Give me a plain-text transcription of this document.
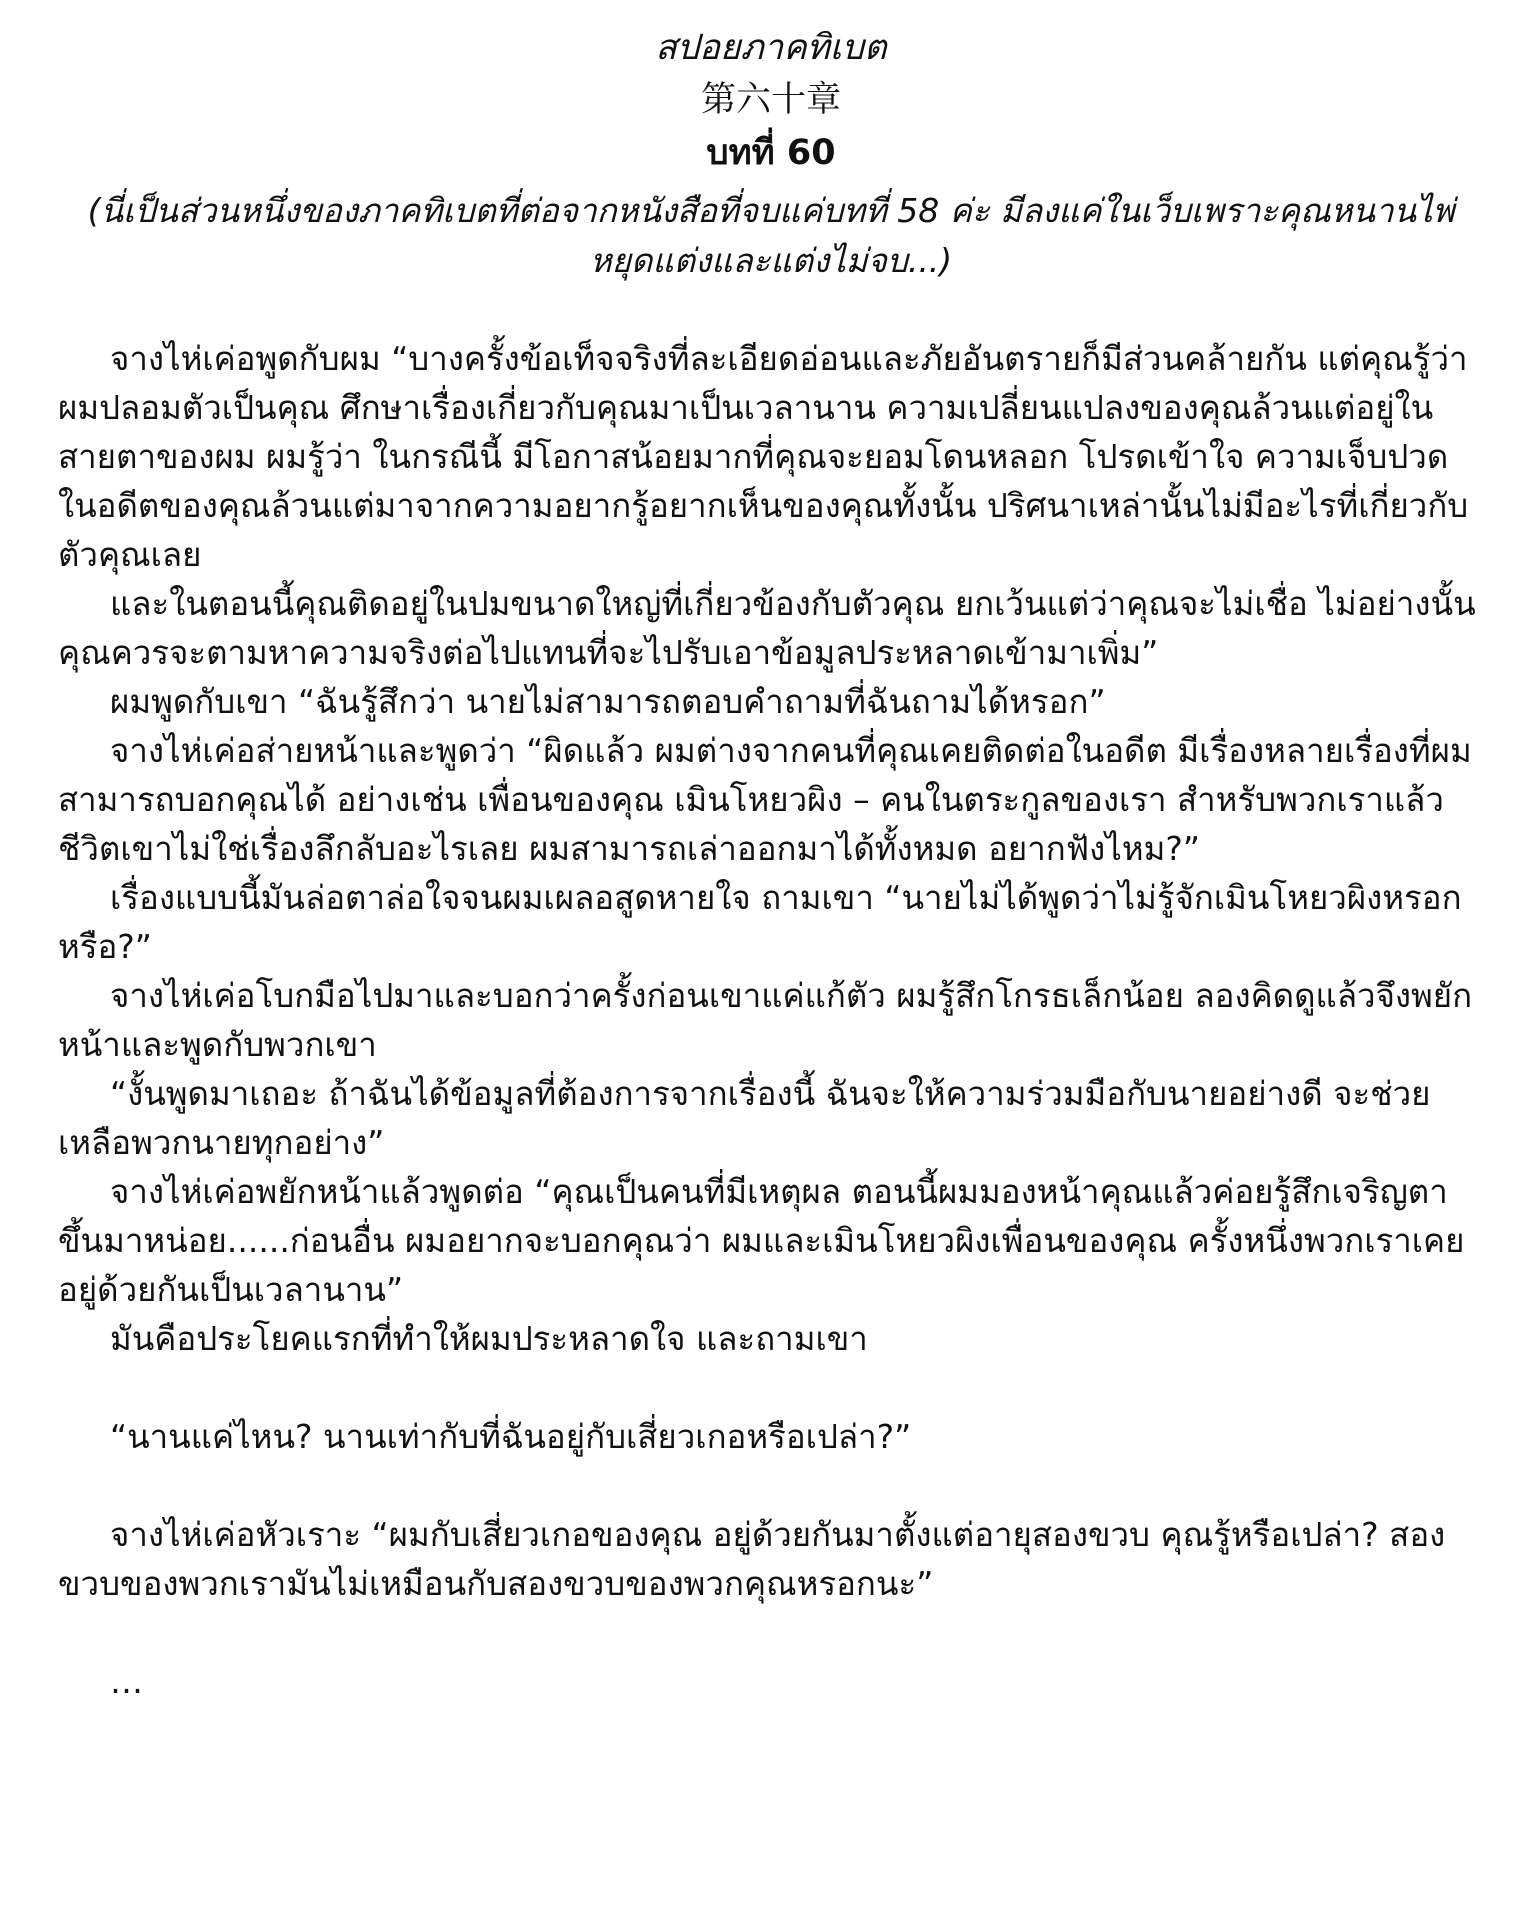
สปอยภาคทิเบต

第六十章

บทที่ 60

(นี่เป็นส่วนหนึ่งของภาคทิเบตที่ต่อจากหนังสือที่จบแค่บทที่ 58 ค่ะ มีลงแค่ในเว็บเพราะคุณหนานไพ่หยุดแต่งและแต่งไม่จบ...)

จางไห่เค่อพูดกับผม “บางครั้งข้อเท็จจริงที่ละเอียดอ่อนและภัยอันตรายก็มีส่วนคล้ายกัน แต่คุณรู้ว่าผมปลอมตัวเป็นคุณ ศึกษาเรื่องเกี่ยวกับคุณมาเป็นเวลานาน ความเปลี่ยนแปลงของคุณล้วนแต่อยู่ในสายตาของผม ผมรู้ว่า ในกรณีนี้ มีโอกาสน้อยมากที่คุณจะยอมโดนหลอก โปรดเข้าใจ ความเจ็บปวดในอดีตของคุณล้วนแต่มาจากความอยากรู้อยากเห็นของคุณทั้งนั้น ปริศนาเหล่านั้นไม่มีอะไรที่เกี่ยวกับตัวคุณเลย

และในตอนนี้คุณติดอยู่ในปมขนาดใหญ่ที่เกี่ยวข้องกับตัวคุณ ยกเว้นแต่ว่าคุณจะไม่เชื่อ ไม่อย่างนั้นคุณควรจะตามหาความจริงต่อไปแทนที่จะไปรับเอาข้อมูลประหลาดเข้ามาเพิ่ม”

ผมพูดกับเขา “ฉันรู้สึกว่า นายไม่สามารถตอบคำถามที่ฉันถามได้หรอก”

จางไห่เค่อส่ายหน้าและพูดว่า “ผิดแล้ว ผมต่างจากคนที่คุณเคยติดต่อในอดีต มีเรื่องหลายเรื่องที่ผมสามารถบอกคุณได้ อย่างเช่น เพื่อนของคุณ เมินโหยวผิง – คนในตระกูลของเรา สำหรับพวกเราแล้ว ชีวิตเขาไม่ใช่เรื่องลึกลับอะไรเลย ผมสามารถเล่าออกมาได้ทั้งหมด อยากฟังไหม?”

เรื่องแบบนี้มันล่อตาล่อใจจนผมเผลอสูดหายใจ ถามเขา “นายไม่ได้พูดว่าไม่รู้จักเมินโหยวผิงหรอกหรือ?”

จางไห่เค่อโบกมือไปมาและบอกว่าครั้งก่อนเขาแค่แก้ตัว ผมรู้สึกโกรธเล็กน้อย ลองคิดดูแล้วจึงพยักหน้าและพูดกับพวกเขา

“งั้นพูดมาเถอะ ถ้าฉันได้ข้อมูลที่ต้องการจากเรื่องนี้ ฉันจะให้ความร่วมมือกับนายอย่างดี จะช่วยเหลือพวกนายทุกอย่าง”

จางไห่เค่อพยักหน้าแล้วพูดต่อ “คุณเป็นคนที่มีเหตุผล ตอนนี้ผมมองหน้าคุณแล้วค่อยรู้สึกเจริญตาขึ้นมาหน่อย......ก่อนอื่น ผมอยากจะบอกคุณว่า ผมและเมินโหยวผิงเพื่อนของคุณ ครั้งหนึ่งพวกเราเคยอยู่ด้วยกันเป็นเวลานาน”

มันคือประโยคแรกที่ทำให้ผมประหลาดใจ และถามเขา

“นานแค่ไหน? นานเท่ากับที่ฉันอยู่กับเสี่ยวเกอหรือเปล่า?”

จางไห่เค่อหัวเราะ “ผมกับเสี่ยวเกอของคุณ อยู่ด้วยกันมาตั้งแต่อายุสองขวบ คุณรู้หรือเปล่า? สองขวบของพวกเรามันไม่เหมือนกับสองขวบของพวกคุณหรอกนะ”

…
